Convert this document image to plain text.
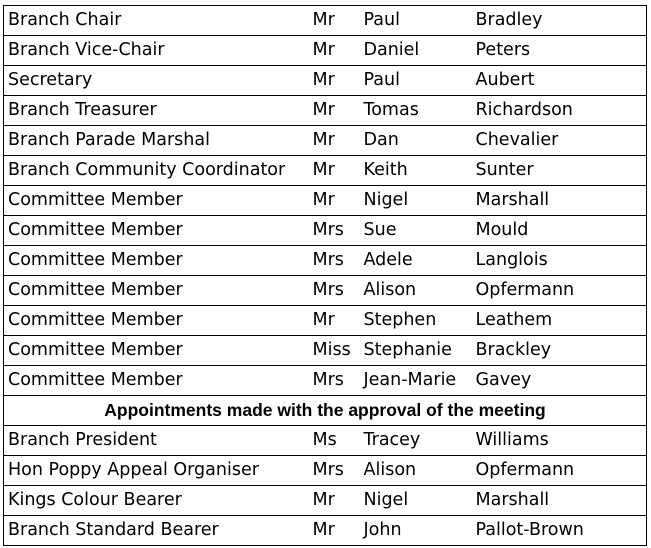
Branch Chair	Mr	Paul	Bradley
Branch Vice-Chair	Mr	Daniel	Peters
Secretary	Mr	Paul	Aubert
Branch Treasurer	Mr	Tomas	Richardson
Branch Parade Marshal	Mr	Dan	Chevalier
Branch Community Coordinator	Mr	Keith	Sunter
Committee Member	Mr	Nigel	Marshall
Committee Member	Mrs	Sue	Mould
Committee Member	Mrs	Adele	Langlois
Committee Member	Mrs	Alison	Opfermann
Committee Member	Mr	Stephen	Leathem
Committee Member	Miss	Stephanie	Brackley
Committee Member	Mrs	Jean-Marie	Gavey
Appointments made with the approval of the meeting			
Branch President	Ms	Tracey	Williams
Hon Poppy Appeal Organiser	Mrs	Alison	Opfermann
Kings Colour Bearer	Mr	Nigel	Marshall
Branch Standard Bearer	Mr	John	Pallot-Brown
